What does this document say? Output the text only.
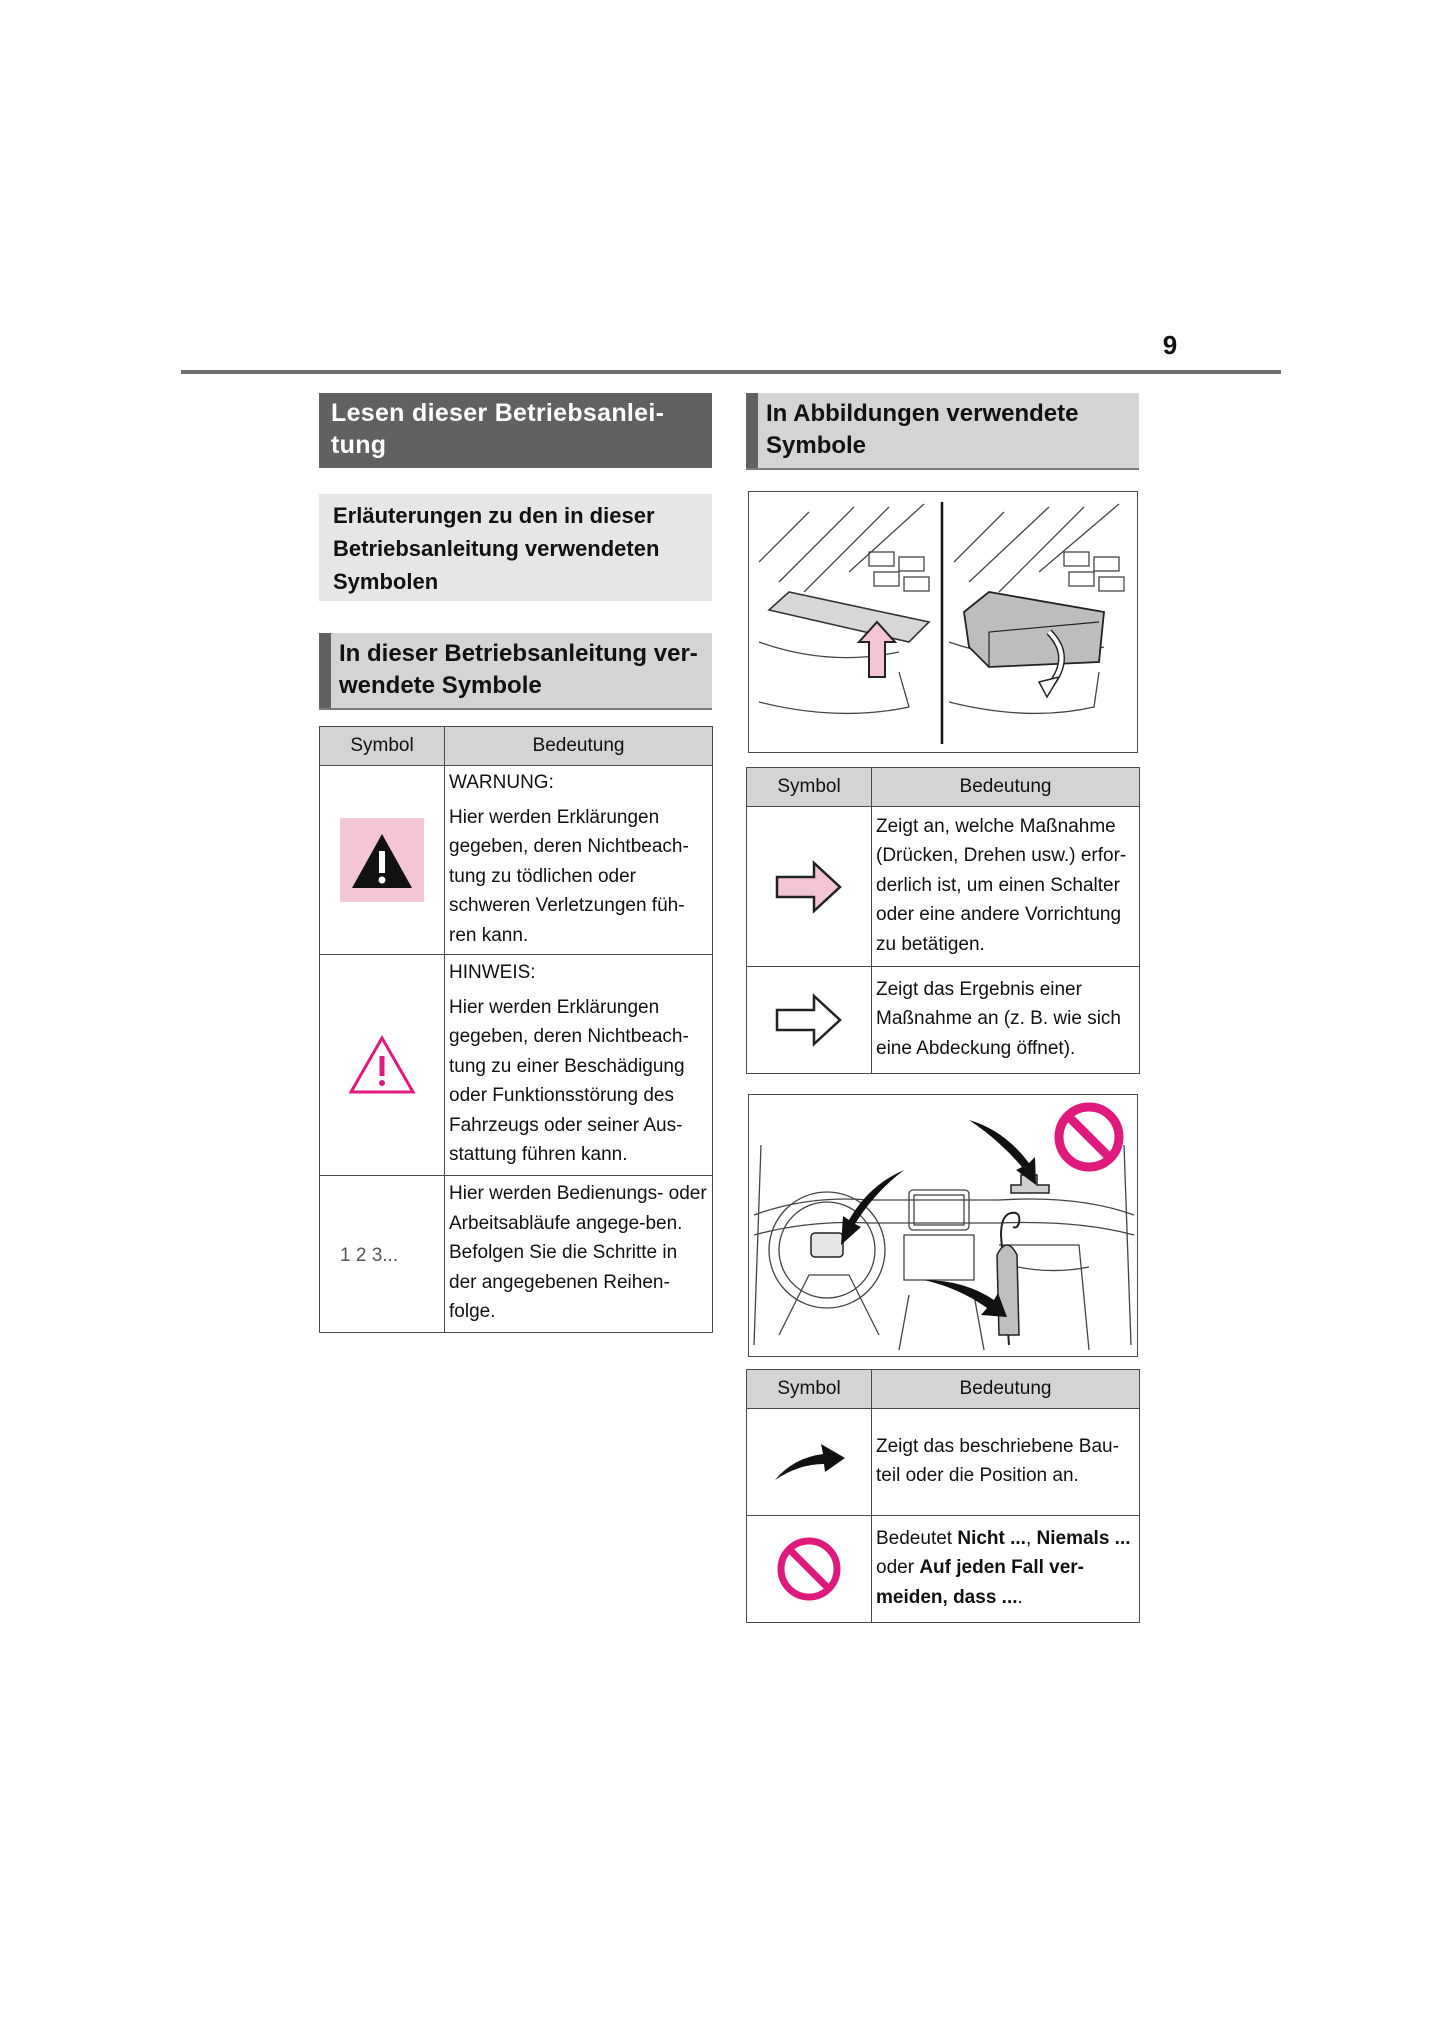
9
Lesen dieser Betriebsanlei-tung
Erläuterungen zu den in dieser Betriebsanleitung verwendeten Symbolen
In dieser Betriebsanleitung ver-wendete Symbole
Symbol	Bedeutung

WARNUNG:
Hier werden Erklärungen gegeben, deren Nichtbeach-tung zu tödlichen oder schweren Verletzungen füh-ren kann.

HINWEIS:
Hier werden Erklärungen gegeben, deren Nichtbeach-tung zu einer Beschädigung oder Funktionsstörung des Fahrzeugs oder seiner Aus-stattung führen kann.

1 2 3...	Hier werden Bedienungs- oder Arbeitsabläufe angege-ben. Befolgen Sie die Schritte in der angegebenen Reihen-folge.
In Abbildungen verwendete Symbole
Symbol	Bedeutung

Zeigt an, welche Maßnahme (Drücken, Drehen usw.) erfor-derlich ist, um einen Schalter oder eine andere Vorrichtung zu betätigen.

Zeigt das Ergebnis einer Maßnahme an (z. B. wie sich eine Abdeckung öffnet).
Symbol	Bedeutung

Zeigt das beschriebene Bau-teil oder die Position an.

Bedeutet Nicht ..., Niemals ... oder Auf jeden Fall ver-meiden, dass ....
